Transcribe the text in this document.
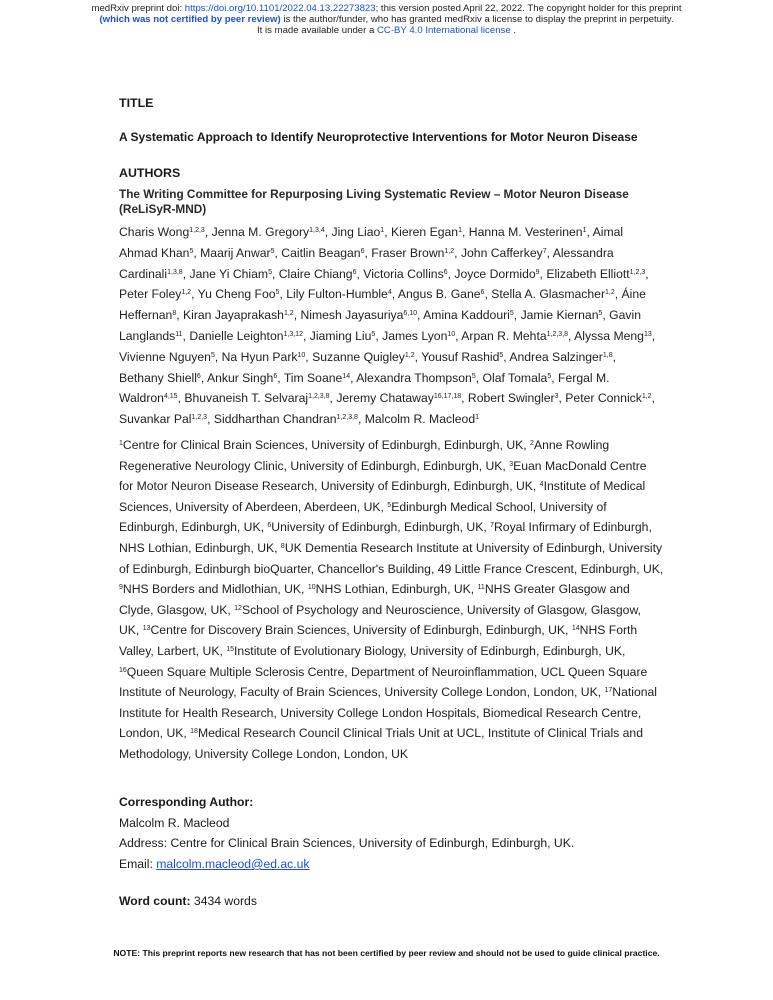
medRxiv preprint doi: https://doi.org/10.1101/2022.04.13.22273823; this version posted April 22, 2022. The copyright holder for this preprint
(which was not certified by peer review) is the author/funder, who has granted medRxiv a license to display the preprint in perpetuity.
It is made available under a CC-BY 4.0 International license .
TITLE
A Systematic Approach to Identify Neuroprotective Interventions for Motor Neuron Disease
AUTHORS
The Writing Committee for Repurposing Living Systematic Review – Motor Neuron Disease (ReLiSyR-MND)
Charis Wong$^{1,2,3}$, Jenna M. Gregory$^{1,3,4}$, Jing Liao$^1$, Kieren Egan$^1$, Hanna M. Vesterinen$^1$, Aimal Ahmad Khan$^5$, Maarij Anwar$^5$, Caitlin Beagan$^6$, Fraser Brown$^{1,2}$, John Cafferkey$^7$, Alessandra Cardinali$^{1,3,8}$, Jane Yi Chiam$^5$, Claire Chiang$^6$, Victoria Collins$^6$, Joyce Dormido$^9$, Elizabeth Elliott$^{1,2,3}$, Peter Foley$^{1,2}$, Yu Cheng Foo$^5$, Lily Fulton-Humble$^4$, Angus B. Gane$^6$, Stella A. Glasmacher$^{1,2}$, Áine Heffernan$^8$, Kiran Jayaprakash$^{1,2}$, Nimesh Jayasuriya$^{6,10}$, Amina Kaddouri$^5$, Jamie Kiernan$^5$, Gavin Langlands$^{11}$, Danielle Leighton$^{1,3,12}$, Jiaming Liu$^5$, James Lyon$^{10}$, Arpan R. Mehta$^{1,2,3,8}$, Alyssa Meng$^{13}$, Vivienne Nguyen$^5$, Na Hyun Park$^{10}$, Suzanne Quigley$^{1,2}$, Yousuf Rashid$^5$, Andrea Salzinger$^{1,8}$, Bethany Shiell$^6$, Ankur Singh$^6$, Tim Soane$^{14}$, Alexandra Thompson$^5$, Olaf Tomala$^5$, Fergal M. Waldron$^{4,15}$, Bhuvaneish T. Selvaraj$^{1,2,3,8}$, Jeremy Chataway$^{16,17,18}$, Robert Swingler$^3$, Peter Connick$^{1,2}$, Suvankar Pal$^{1,2,3}$, Siddharthan Chandran$^{1,2,3,8}$, Malcolm R. Macleod$^1$
$^1$Centre for Clinical Brain Sciences, University of Edinburgh, Edinburgh, UK, $^2$Anne Rowling Regenerative Neurology Clinic, University of Edinburgh, Edinburgh, UK, $^3$Euan MacDonald Centre for Motor Neuron Disease Research, University of Edinburgh, Edinburgh, UK, $^4$Institute of Medical Sciences, University of Aberdeen, Aberdeen, UK, $^5$Edinburgh Medical School, University of Edinburgh, Edinburgh, UK, $^6$University of Edinburgh, Edinburgh, UK, $^7$Royal Infirmary of Edinburgh, NHS Lothian, Edinburgh, UK, $^8$UK Dementia Research Institute at University of Edinburgh, University of Edinburgh, Edinburgh bioQuarter, Chancellor's Building, 49 Little France Crescent, Edinburgh, UK, $^9$NHS Borders and Midlothian, UK, $^{10}$NHS Lothian, Edinburgh, UK, $^{11}$NHS Greater Glasgow and Clyde, Glasgow, UK, $^{12}$School of Psychology and Neuroscience, University of Glasgow, Glasgow, UK, $^{13}$Centre for Discovery Brain Sciences, University of Edinburgh, Edinburgh, UK, $^{14}$NHS Forth Valley, Larbert, UK, $^{15}$Institute of Evolutionary Biology, University of Edinburgh, Edinburgh, UK, $^{16}$Queen Square Multiple Sclerosis Centre, Department of Neuroinflammation, UCL Queen Square Institute of Neurology, Faculty of Brain Sciences, University College London, London, UK, $^{17}$National Institute for Health Research, University College London Hospitals, Biomedical Research Centre, London, UK, $^{18}$Medical Research Council Clinical Trials Unit at UCL, Institute of Clinical Trials and Methodology, University College London, London, UK
Corresponding Author:
Malcolm R. Macleod
Address: Centre for Clinical Brain Sciences, University of Edinburgh, Edinburgh, UK.
Email: malcolm.macleod@ed.ac.uk
Word count: 3434 words
NOTE: This preprint reports new research that has not been certified by peer review and should not be used to guide clinical practice.
